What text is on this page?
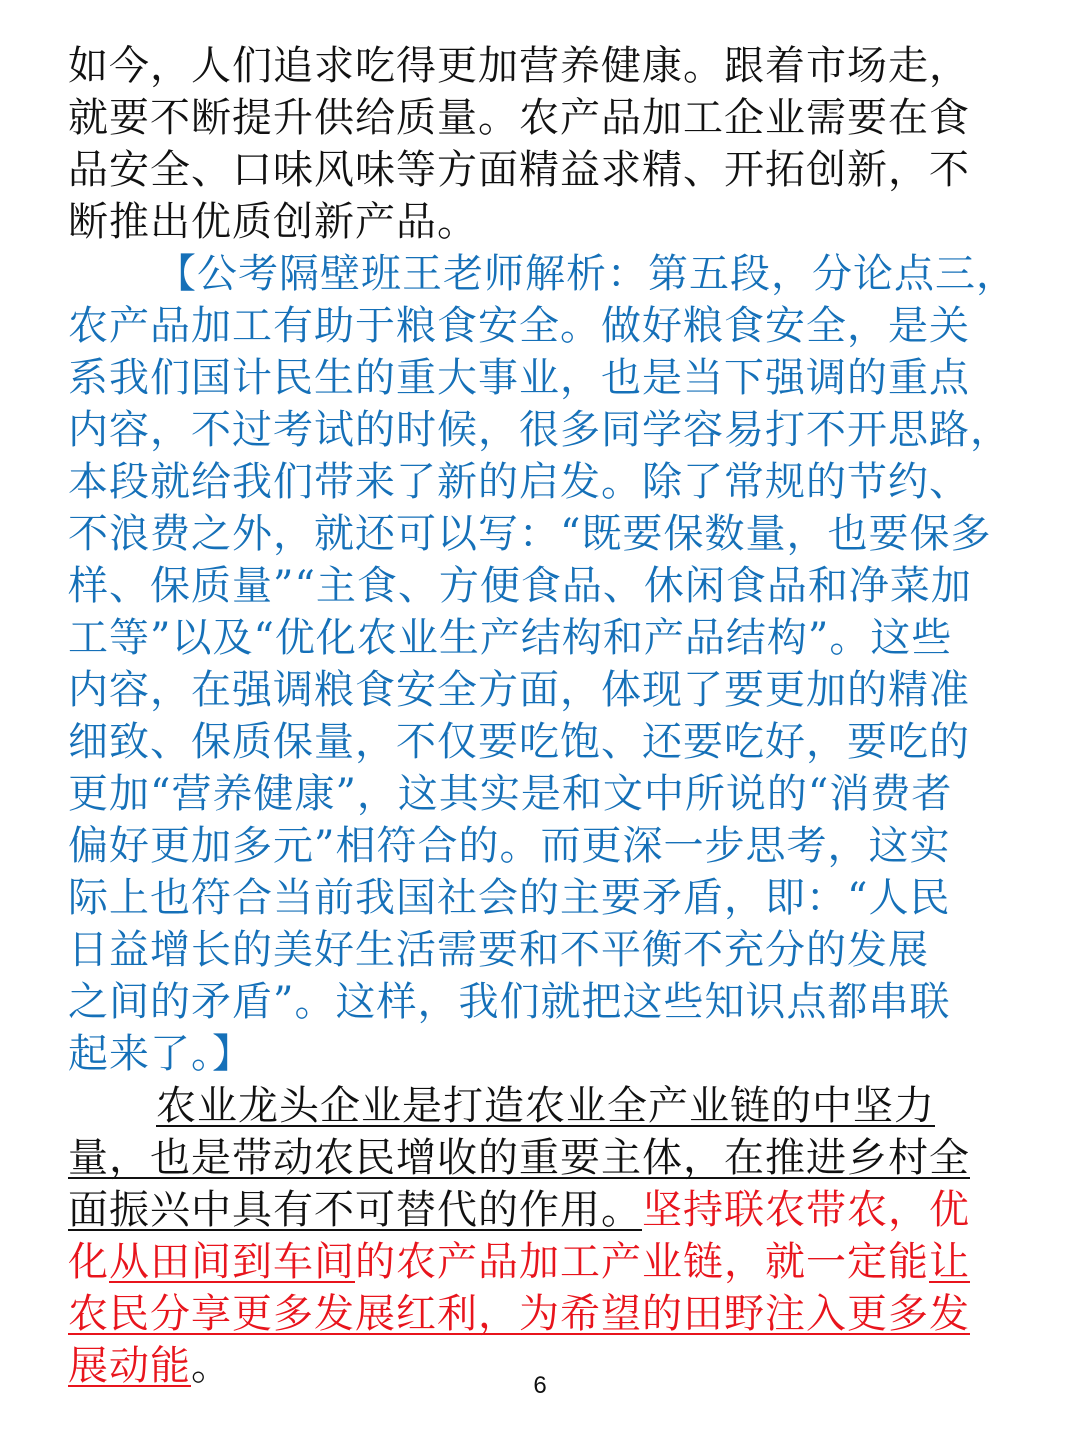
如今，人们追求吃得更加营养健康。跟着市场走，
就要不断提升供给质量。农产品加工企业需要在食
品安全、口味风味等方面精益求精、开拓创新，不
断推出优质创新产品。
【公考隔壁班王老师解析：第五段，分论点三，
农产品加工有助于粮食安全。做好粮食安全，是关
系我们国计民生的重大事业，也是当下强调的重点
内容，不过考试的时候，很多同学容易打不开思路，
本段就给我们带来了新的启发。除了常规的节约、
不浪费之外，就还可以写：“既要保数量，也要保多
样、保质量”“主食、方便食品、休闲食品和净菜加
工等”以及“优化农业生产结构和产品结构”。这些
内容，在强调粮食安全方面，体现了要更加的精准
细致、保质保量，不仅要吃饱、还要吃好，要吃的
更加“营养健康”，这其实是和文中所说的“消费者
偏好更加多元”相符合的。而更深一步思考，这实
际上也符合当前我国社会的主要矛盾，即：“人民
日益增长的美好生活需要和不平衡不充分的发展
之间的矛盾”。这样，我们就把这些知识点都串联
起来了。】
农业龙头企业是打造农业全产业链的中坚力
量，也是带动农民增收的重要主体，在推进乡村全
面振兴中具有不可替代的作用。坚持联农带农，优
化从田间到车间的农产品加工产业链，就一定能让
农民分享更多发展红利，为希望的田野注入更多发
展动能。	6
